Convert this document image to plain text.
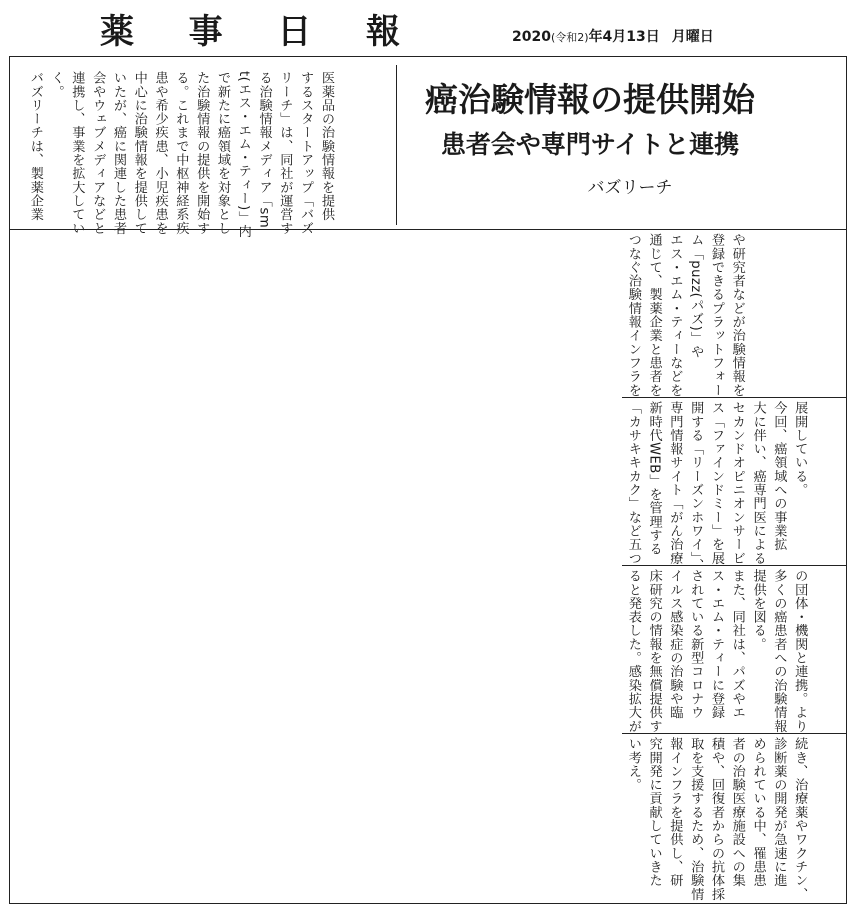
薬 事 日 報	2020(令和2)年4月13日 月曜日
癌治験情報の提供開始
患者会や専門サイトと連携
バズリーチ
医薬品の治験情報を提供
するスタートアップ「バズ
リーチ」は、同社が運営す
る治験情報メディア「sm
t(エス・エム・ティー)」内
で新たに癌領域を対象とし
た治験情報の提供を開始す
る。これまで中枢神経系疾
患や希少疾患、小児疾患を
中心に治験情報を提供して
いたが、癌に関連した患者
会やウェブメディアなどと
連携し、事業を拡大してい
く。
バズリーチは、製薬企業
や研究者などが治験情報を
登録できるプラットフォー
ム「puzz(パズ)」や
エス・エム・ティーなどを
通じて、製薬企業と患者を
つなぐ治験情報インフラを
展開している。
今回、癌領域への事業拡
大に伴い、癌専門医による
セカンドオピニオンサービ
ス「ファインドミー」を展
開する「リーズンホワイ」、
専門情報サイト「がん治療
新時代WEB」を管理する
「カサキキカク」など五つ
の団体・機関と連携。より
多くの癌患者への治験情報
提供を図る。
また、同社は、パズやエ
ス・エム・ティーに登録
されている新型コロナウ
イルス感染症の治験や臨
床研究の情報を無償提供す
ると発表した。感染拡大が
続き、治療薬やワクチン、
診断薬の開発が急速に進
められている中、罹患患
者の治験医療施設への集
積や、回復者からの抗体採
取を支援するため、治験情
報インフラを提供し、研
究開発に貢献していきた
い考え。
